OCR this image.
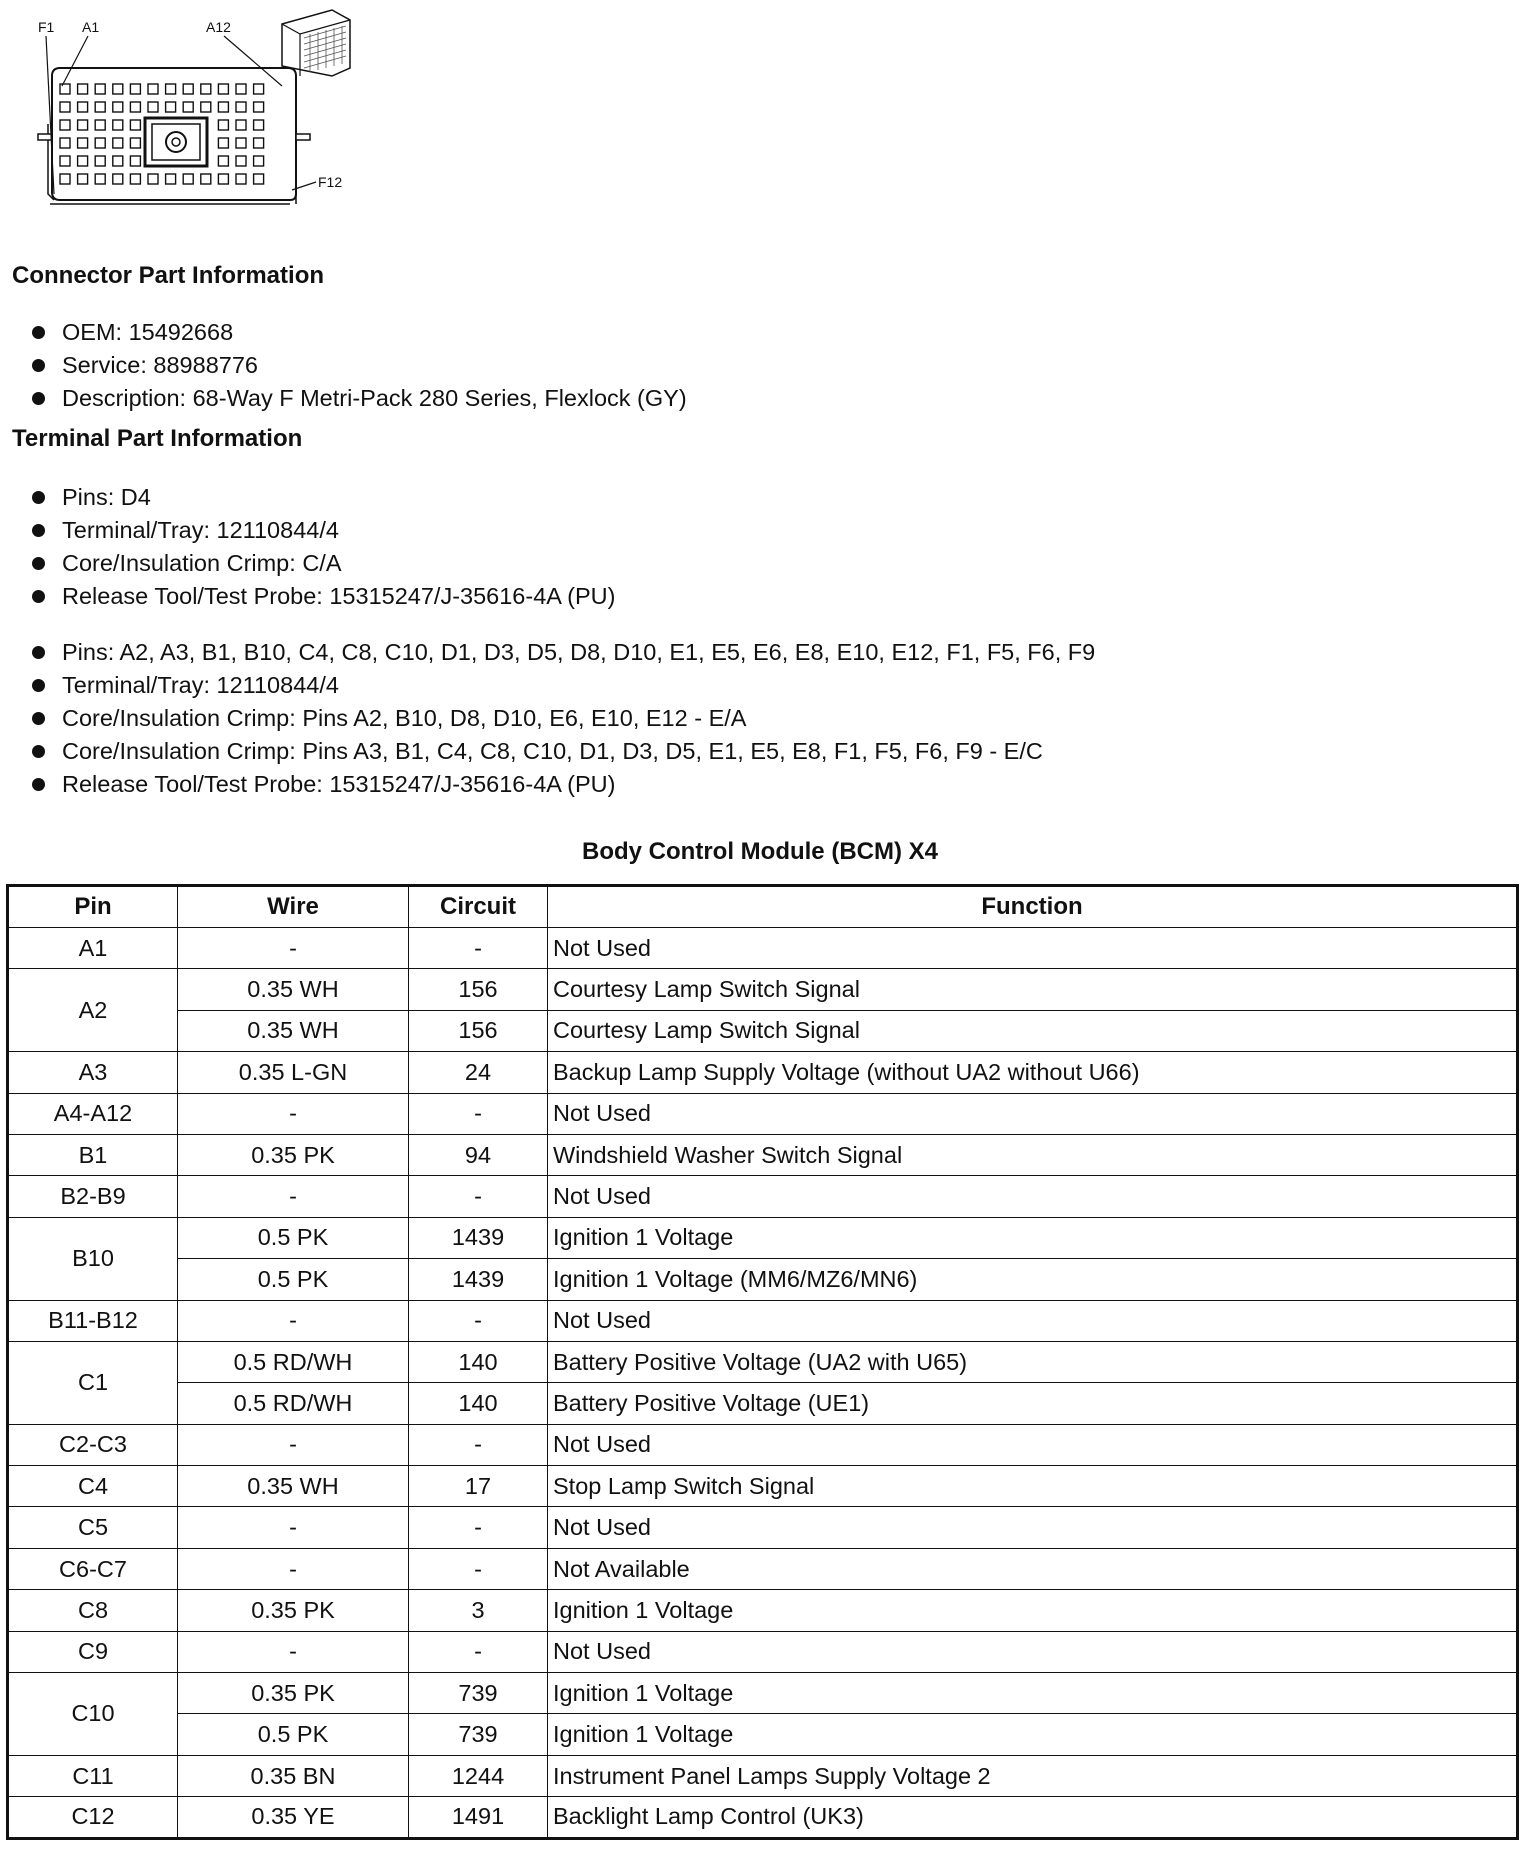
F1 A1	A12
F12
Connector Part Information
OEM: 15492668
Service: 88988776
Description: 68-Way F Metri-Pack 280 Series, Flexlock (GY)
Terminal Part Information
Pins: D4
Terminal/Tray: 12110844/4
Core/Insulation Crimp: C/A
Release Tool/Test Probe: 15315247/J-35616-4A (PU)
Pins: A2, A3, B1, B10, C4, C8, C10, D1, D3, D5, D8, D10, E1, E5, E6, E8, E10, E12, F1, F5, F6, F9
Terminal/Tray: 12110844/4
Core/Insulation Crimp: Pins A2, B10, D8, D10, E6, E10, E12 - E/A
Core/Insulation Crimp: Pins A3, B1, C4, C8, C10, D1, D3, D5, E1, E5, E8, F1, F5, F6, F9 - E/C
Release Tool/Test Probe: 15315247/J-35616-4A (PU)
Body Control Module (BCM) X4
Pin	Wire	Circuit	Function
A1	-	-	Not Used
A2	0.35 WH	156	Courtesy Lamp Switch Signal
	0.35 WH	156	Courtesy Lamp Switch Signal
A3	0.35 L-GN	24	Backup Lamp Supply Voltage (without UA2 without U66)
A4-A12	-	-	Not Used
B1	0.35 PK	94	Windshield Washer Switch Signal
B2-B9	-	-	Not Used
B10	0.5 PK	1439	Ignition 1 Voltage
	0.5 PK	1439	Ignition 1 Voltage (MM6/MZ6/MN6)
B11-B12	-	-	Not Used
C1	0.5 RD/WH	140	Battery Positive Voltage (UA2 with U65)
	0.5 RD/WH	140	Battery Positive Voltage (UE1)
C2-C3	-	-	Not Used
C4	0.35 WH	17	Stop Lamp Switch Signal
C5	-	-	Not Used
C6-C7	-	-	Not Available
C8	0.35 PK	3	Ignition 1 Voltage
C9	-	-	Not Used
C10	0.35 PK	739	Ignition 1 Voltage
	0.5 PK	739	Ignition 1 Voltage
C11	0.35 BN	1244	Instrument Panel Lamps Supply Voltage 2
C12	0.35 YE	1491	Backlight Lamp Control (UK3)
